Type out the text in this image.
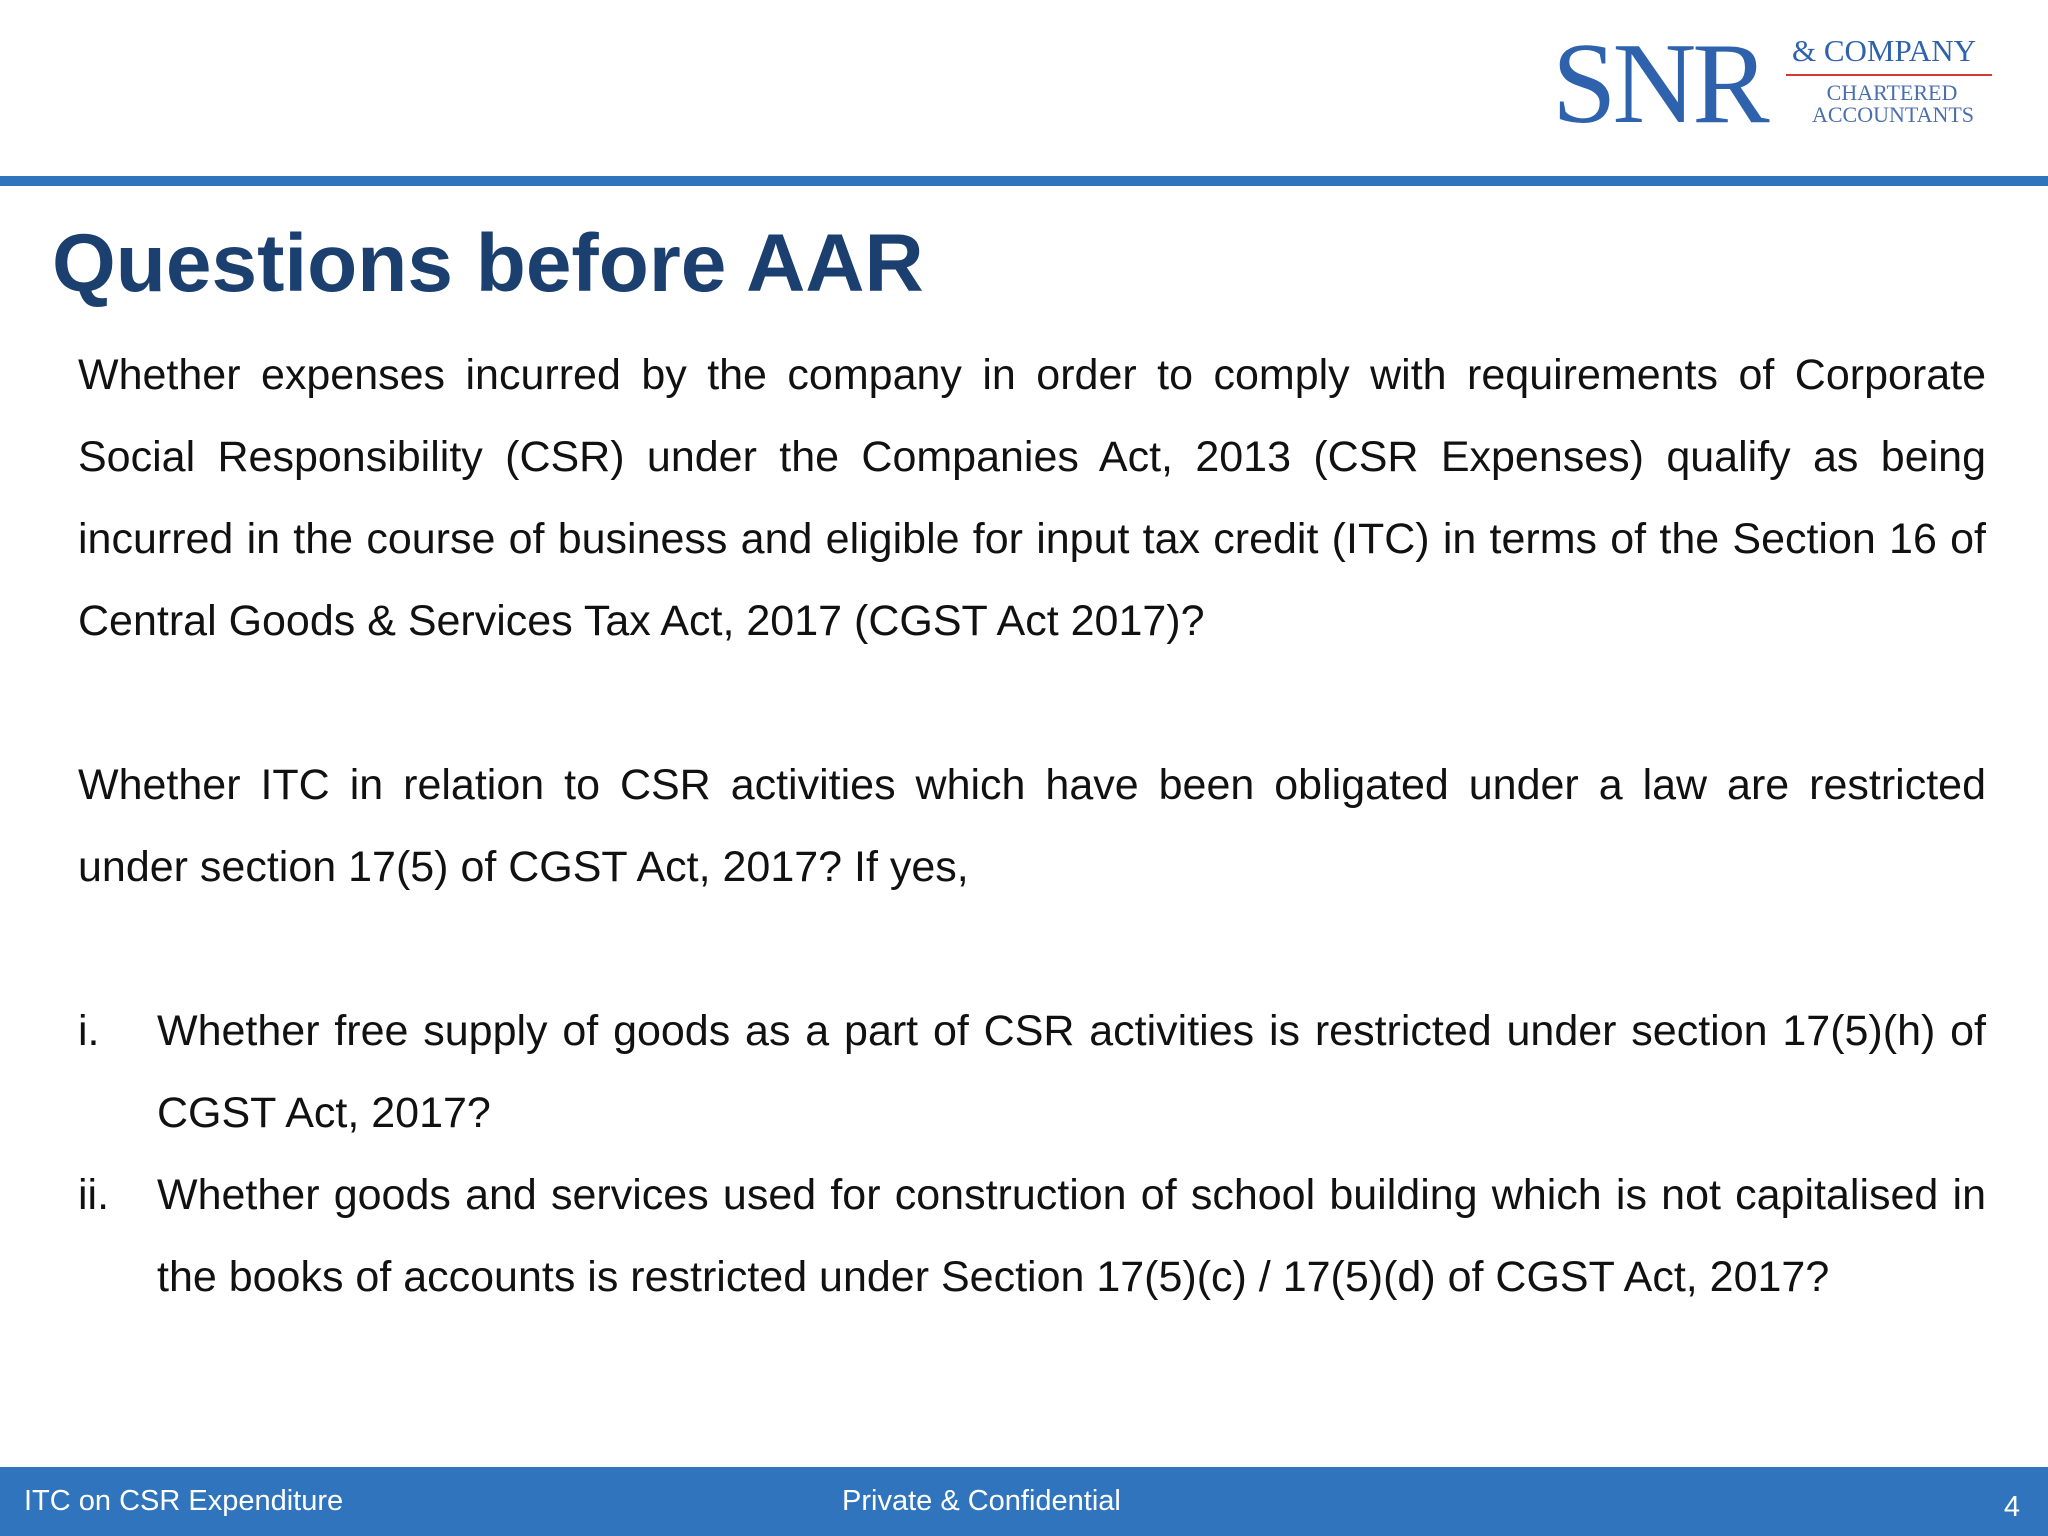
SNR & COMPANY
CHARTERED
ACCOUNTANTS
Questions before AAR

Whether expenses incurred by the company in order to comply with requirements of Corporate Social Responsibility (CSR) under the Companies Act, 2013 (CSR Expenses) qualify as being incurred in the course of business and eligible for input tax credit (ITC) in terms of the Section 16 of Central Goods & Services Tax Act, 2017 (CGST Act 2017)?

Whether ITC in relation to CSR activities which have been obligated under a law are restricted under section 17(5) of CGST Act, 2017? If yes,

i. Whether free supply of goods as a part of CSR activities is restricted under section 17(5)(h) of CGST Act, 2017?
ii. Whether goods and services used for construction of school building which is not capitalised in the books of accounts is restricted under Section 17(5)(c) / 17(5)(d) of CGST Act, 2017?
ITC on CSR Expenditure	Private & Confidential	4
